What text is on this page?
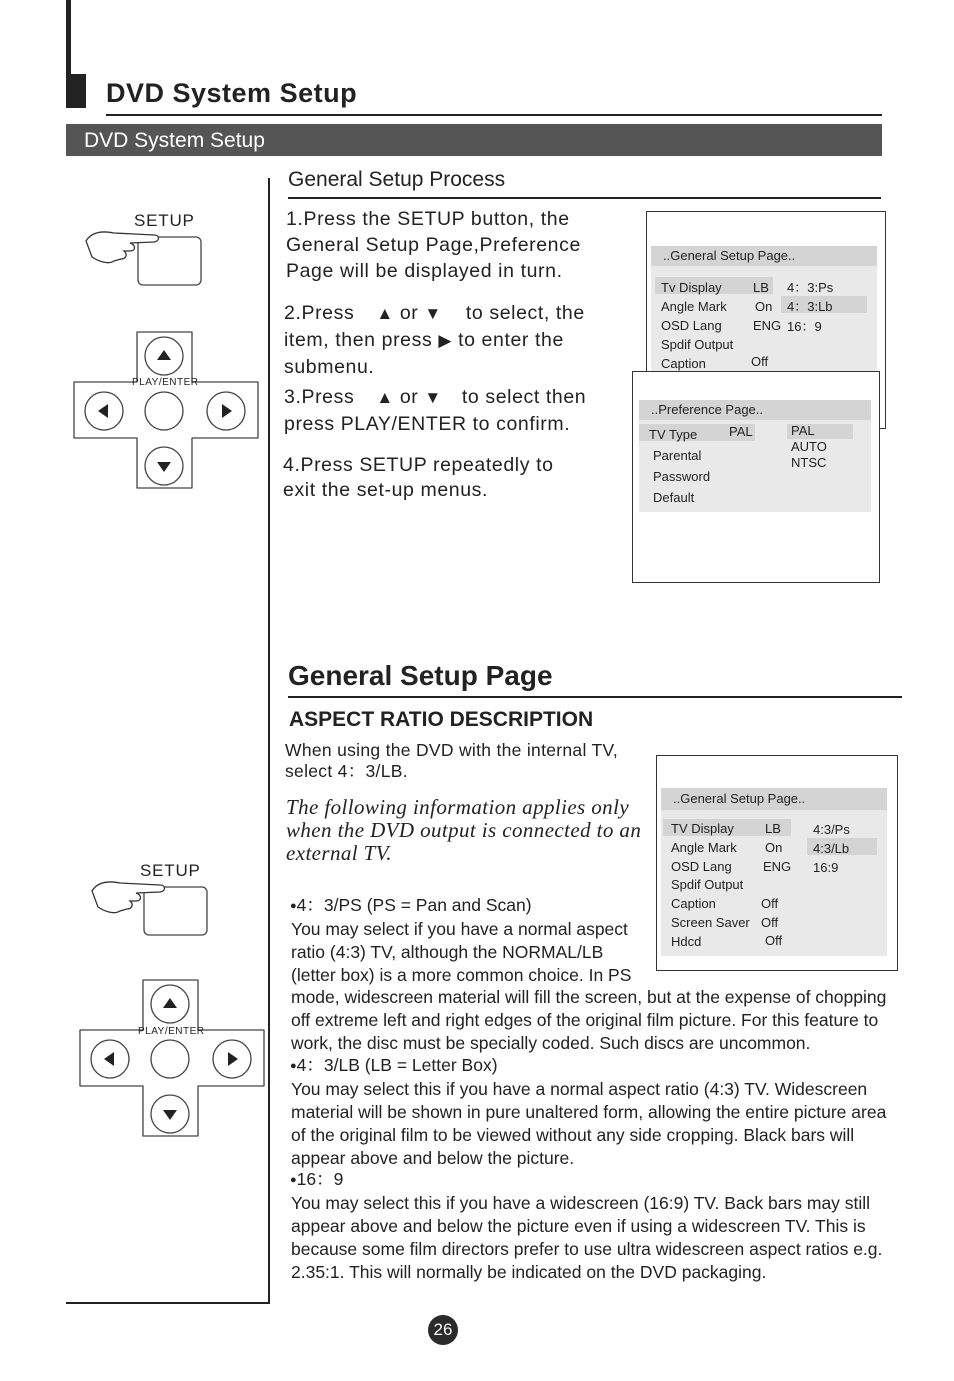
DVD System Setup
DVD System Setup
SETUP
PLAY/ENTER
General Setup Process
1.Press the SETUP button, the
General Setup Page,Preference
Page will be displayed in turn.
2.Press ▲ or ▼ to select, the
item, then press ▶ to enter the
submenu.
3.Press ▲ or ▼ to select then
press PLAY/ENTER to confirm.
4.Press SETUP repeatedly to
exit the set-up menus.
..General Setup Page..
Tv Display
Angle Mark
OSD Lang
Spdif Output
Caption
LB
On
ENG
Off
4：3:Ps
4：3:Lb
16：9
..Preference Page..
TV Type
Parental
Password
Default
PAL	PAL
AUTO
NTSC
General Setup Page
ASPECT RATIO DESCRIPTION
When using the DVD with the internal TV,
select 4：3/LB.
The following information applies only
when the DVD output is connected to an
external TV.
SETUP
PLAY/ENTER
..General Setup Page..
TV Display
Angle Mark
OSD Lang
Spdif Output
Caption
Screen Saver
Hdcd
LB
On
ENG
Off
Off
Off
4:3/Ps
4:3/Lb
16:9
●4：3/PS (PS = Pan and Scan)
You may select if you have a normal aspect
ratio (4:3) TV, although the NORMAL/LB
(letter box) is a more common choice. In PS
mode, widescreen material will fill the screen, but at the expense of chopping
off extreme left and right edges of the original film picture. For this feature to
work, the disc must be specially coded. Such discs are uncommon.
●4：3/LB (LB = Letter Box)
You may select this if you have a normal aspect ratio (4:3) TV. Widescreen
material will be shown in pure unaltered form, allowing the entire picture area
of the original film to be viewed without any side cropping. Black bars will
appear above and below the picture.
●16：9
You may select this if you have a widescreen (16:9) TV. Back bars may still
appear above and below the picture even if using a widescreen TV. This is
because some film directors prefer to use ultra widescreen aspect ratios e.g.
2.35:1. This will normally be indicated on the DVD packaging.
26
